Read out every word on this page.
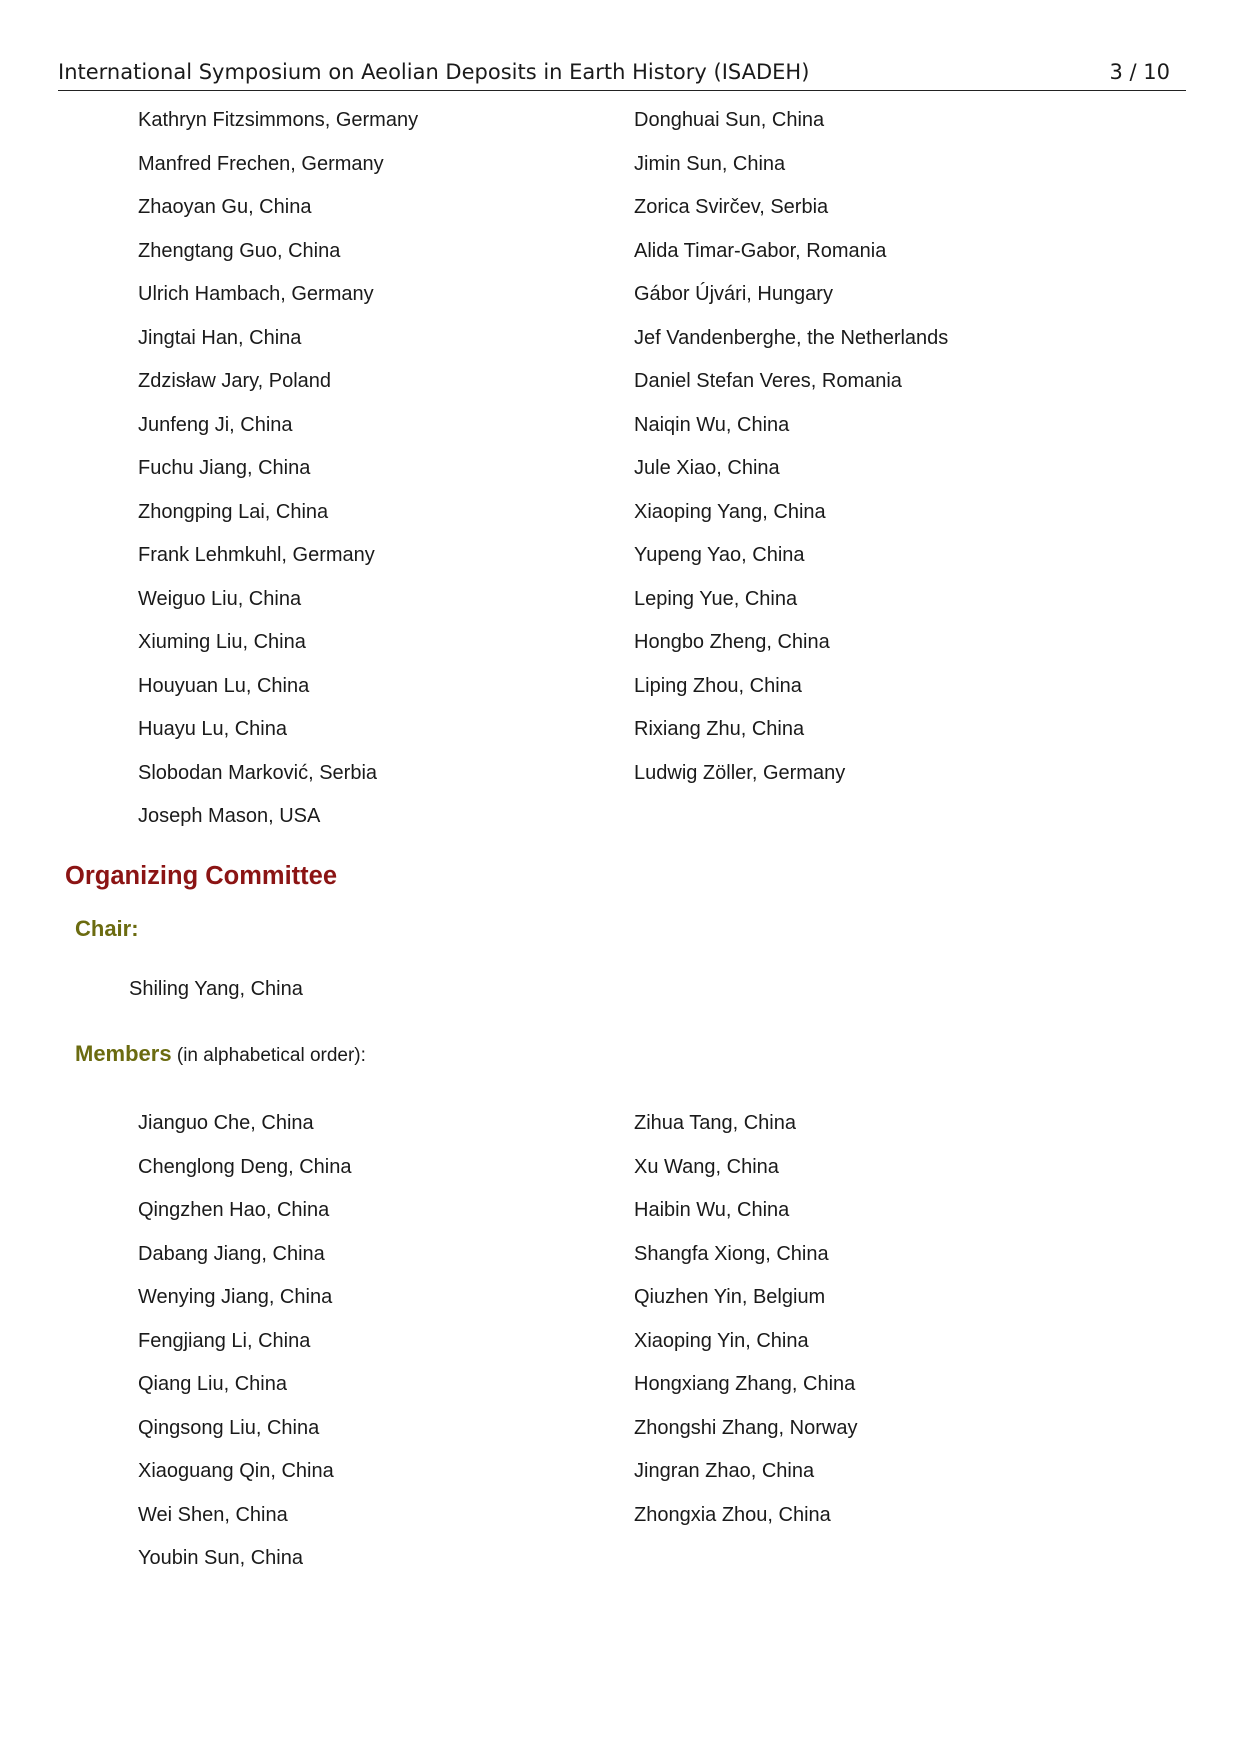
International Symposium on Aeolian Deposits in Earth History (ISADEH)	3 / 10
Kathryn Fitzsimmons, Germany
Manfred Frechen, Germany
Zhaoyan Gu, China
Zhengtang Guo, China
Ulrich Hambach, Germany
Jingtai Han, China
Zdzisław Jary, Poland
Junfeng Ji, China
Fuchu Jiang, China
Zhongping Lai, China
Frank Lehmkuhl, Germany
Weiguo Liu, China
Xiuming Liu, China
Houyuan Lu, China
Huayu Lu, China
Slobodan Marković, Serbia
Joseph Mason, USA
Donghuai Sun, China
Jimin Sun, China
Zorica Svirčev, Serbia
Alida Timar-Gabor, Romania
Gábor Újvári, Hungary
Jef Vandenberghe, the Netherlands
Daniel Stefan Veres, Romania
Naiqin Wu, China
Jule Xiao, China
Xiaoping Yang, China
Yupeng Yao, China
Leping Yue, China
Hongbo Zheng, China
Liping Zhou, China
Rixiang Zhu, China
Ludwig Zöller, Germany
Organizing Committee
Chair:
Shiling Yang, China
Members (in alphabetical order):
Jianguo Che, China
Chenglong Deng, China
Qingzhen Hao, China
Dabang Jiang, China
Wenying Jiang, China
Fengjiang Li, China
Qiang Liu, China
Qingsong Liu, China
Xiaoguang Qin, China
Wei Shen, China
Youbin Sun, China
Zihua Tang, China
Xu Wang, China
Haibin Wu, China
Shangfa Xiong, China
Qiuzhen Yin, Belgium
Xiaoping Yin, China
Hongxiang Zhang, China
Zhongshi Zhang, Norway
Jingran Zhao, China
Zhongxia Zhou, China
